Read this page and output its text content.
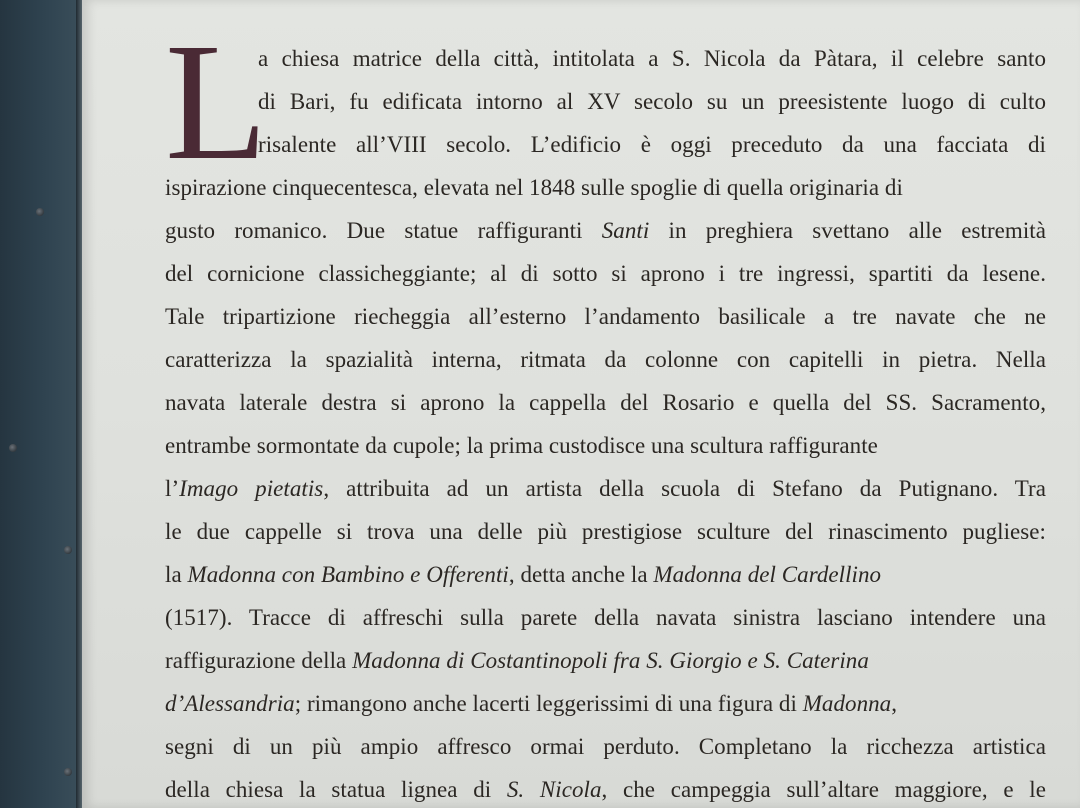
L
a chiesa matrice della città, intitolata a S. Nicola da Pàtara, il celebre santo
di Bari, fu edificata intorno al XV secolo su un preesistente luogo di culto
risalente all’VIII secolo. L’edificio è oggi preceduto da una facciata di
ispirazione cinquecentesca, elevata nel 1848 sulle spoglie di quella originaria di
gusto romanico. Due statue raffiguranti Santi in preghiera svettano alle estremità
del cornicione classicheggiante; al di sotto si aprono i tre ingressi, spartiti da lesene.
Tale tripartizione riecheggia all’esterno l’andamento basilicale a tre navate che ne
caratterizza la spazialità interna, ritmata da colonne con capitelli in pietra. Nella
navata laterale destra si aprono la cappella del Rosario e quella del SS. Sacramento,
entrambe sormontate da cupole; la prima custodisce una scultura raffigurante
l’Imago pietatis, attribuita ad un artista della scuola di Stefano da Putignano. Tra
le due cappelle si trova una delle più prestigiose sculture del rinascimento pugliese:
la Madonna con Bambino e Offerenti, detta anche la Madonna del Cardellino
(1517). Tracce di affreschi sulla parete della navata sinistra lasciano intendere una
raffigurazione della Madonna di Costantinopoli fra S. Giorgio e S. Caterina
d’Alessandria; rimangono anche lacerti leggerissimi di una figura di Madonna,
segni di un più ampio affresco ormai perduto. Completano la ricchezza artistica
della chiesa la statua lignea di S. Nicola, che campeggia sull’altare maggiore, e le
